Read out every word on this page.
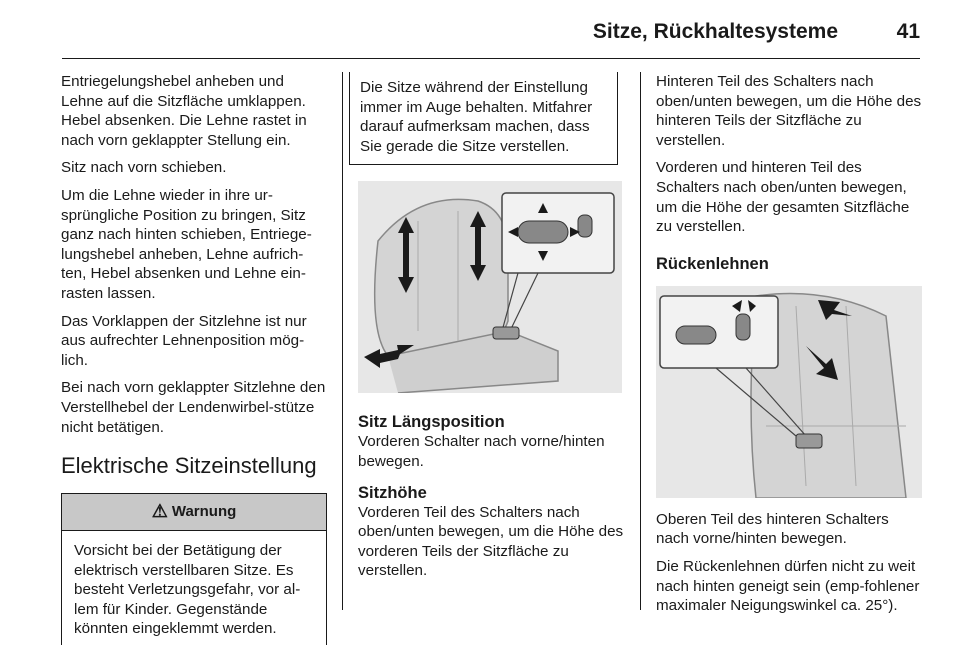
Sitze, Rückhaltesysteme	41

Entriegelungshebel anheben und Lehne auf die Sitzfläche umklappen. Hebel absenken. Die Lehne rastet in nach vorn geklappter Stellung ein.

Sitz nach vorn schieben.

Um die Lehne wieder in ihre ur-sprüngliche Position zu bringen, Sitz ganz nach hinten schieben, Entriege-lungshebel anheben, Lehne aufrich-ten, Hebel absenken und Lehne ein-rasten lassen.

Das Vorklappen der Sitzlehne ist nur aus aufrechter Lehnenposition mög-lich.

Bei nach vorn geklappter Sitzlehne den Verstellhebel der Lendenwirbel-stütze nicht betätigen.

Elektrische Sitzeinstellung
⚠ Warnung
Vorsicht bei der Betätigung der elektrisch verstellbaren Sitze. Es besteht Verletzungsgefahr, vor al-lem für Kinder. Gegenstände könnten eingeklemmt werden.
Die Sitze während der Einstellung immer im Auge behalten. Mitfahrer darauf aufmerksam machen, dass Sie gerade die Sitze verstellen.
Sitz Längsposition

Vorderen Schalter nach vorne/hinten bewegen.

Sitzhöhe

Vorderen Teil des Schalters nach oben/unten bewegen, um die Höhe des vorderen Teils der Sitzfläche zu verstellen.

Hinteren Teil des Schalters nach oben/unten bewegen, um die Höhe des hinteren Teils der Sitzfläche zu verstellen.

Vorderen und hinteren Teil des Schalters nach oben/unten bewegen, um die Höhe der gesamten Sitzfläche zu verstellen.

Rückenlehnen

Oberen Teil des hinteren Schalters nach vorne/hinten bewegen.

Die Rückenlehnen dürfen nicht zu weit nach hinten geneigt sein (emp-fohlener maximaler Neigungswinkel ca. 25°).
